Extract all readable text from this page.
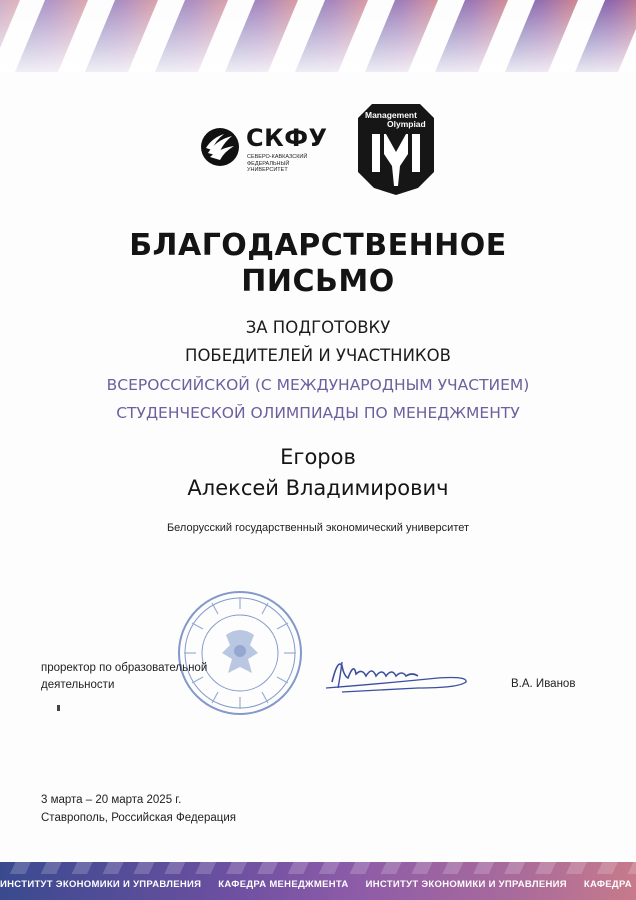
СКФУ
СЕВЕРО-КАВКАЗСКИЙ
ФЕДЕРАЛЬНЫЙ
УНИВЕРСИТЕТ
Management
Olympiad
БЛАГОДАРСТВЕННОЕ
ПИСЬМО
ЗА ПОДГОТОВКУ
ПОБЕДИТЕЛЕЙ И УЧАСТНИКОВ
ВСЕРОССИЙСКОЙ (С МЕЖДУНАРОДНЫМ УЧАСТИЕМ)
СТУДЕНЧЕСКОЙ ОЛИМПИАДЫ ПО МЕНЕДЖМЕНТУ
Егоров
Алексей Владимирович
Белорусский государственный экономический университет
проректор по образовательной
деятельности	В.А. Иванов
3 марта – 20 марта 2025 г.
Ставрополь, Российская Федерация
ИНСТИТУТ ЭКОНОМИКИ И УПРАВЛЕНИЯ КАФЕДРА МЕНЕДЖМЕНТА ИНСТИТУТ ЭКОНОМИКИ И УПРАВЛЕНИЯ КАФЕДРА
